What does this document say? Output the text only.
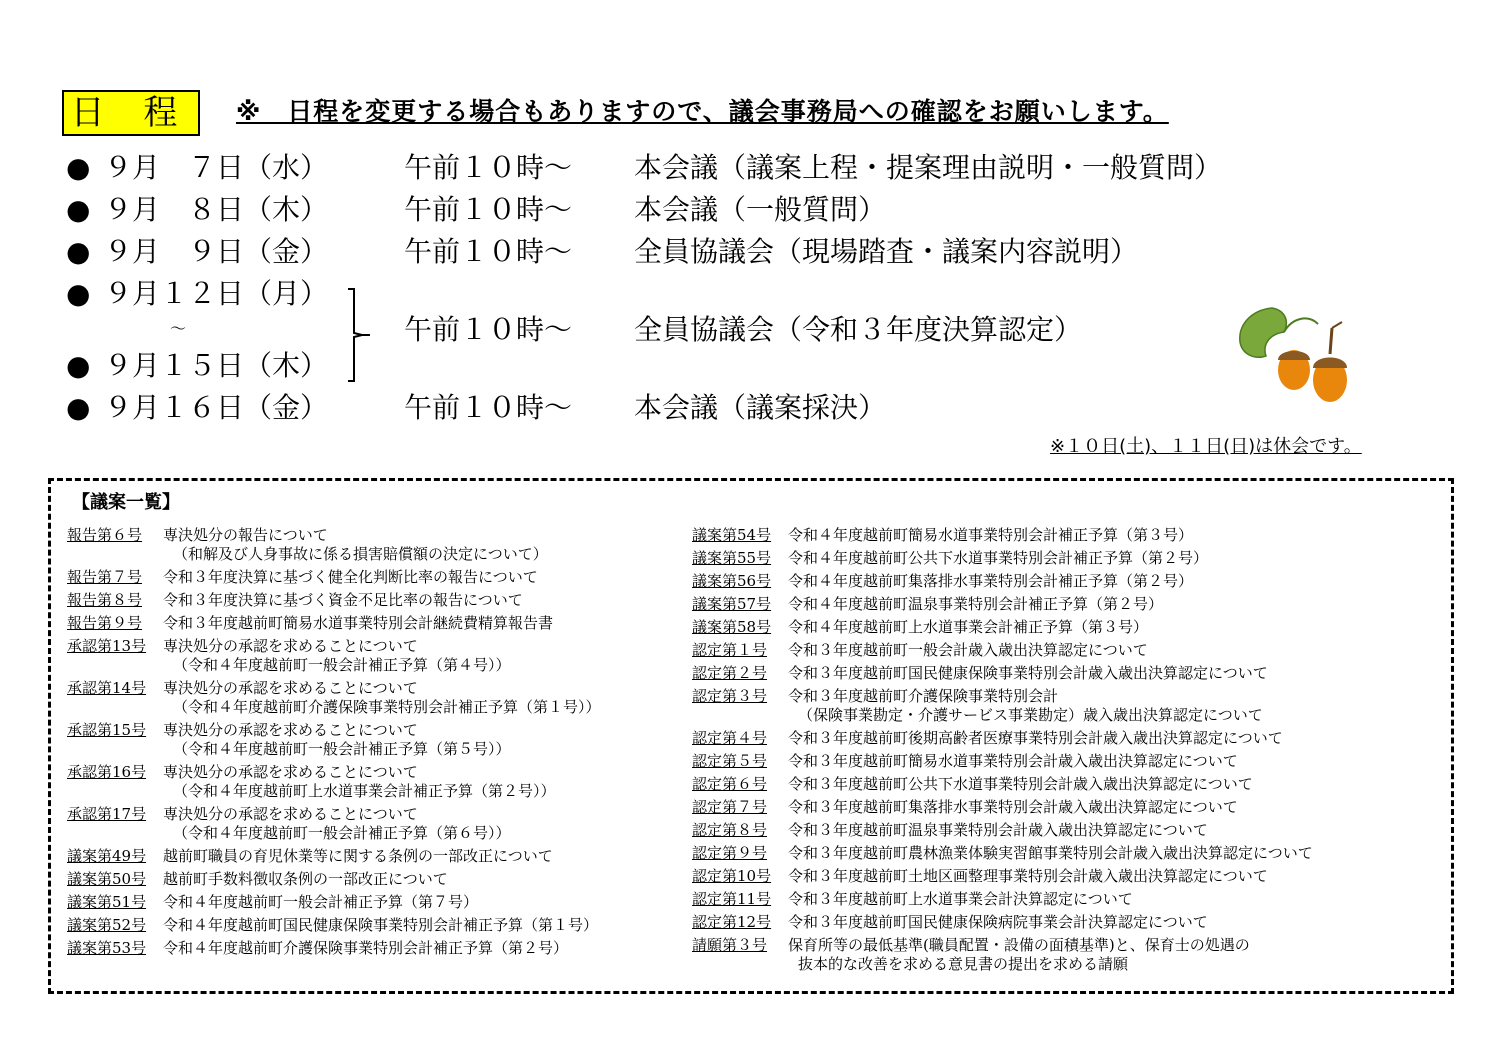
日 程	※　日程を変更する場合もありますので、議会事務局への確認をお願いします。
● ９月　７日（水）	午前１０時～ 本会議（議案上程・提案理由説明・一般質問）
● ９月　８日（木）	午前１０時～ 本会議（一般質問）
● ９月　９日（金）	午前１０時～ 全員協議会（現場踏査・議案内容説明）
● ９月１２日（月）
～
● ９月１５日（木）
午前１０時～ 全員協議会（令和３年度決算認定）
● ９月１６日（金）	午前１０時～ 本会議（議案採決）
※１０日(土)、１１日(日)は休会です。
【議案一覧】
報告第６号	専決処分の報告について
（和解及び人身事故に係る損害賠償額の決定について）
報告第７号	令和３年度決算に基づく健全化判断比率の報告について
報告第８号	令和３年度決算に基づく資金不足比率の報告について
報告第９号	令和３年度越前町簡易水道事業特別会計継続費精算報告書
承認第13号	専決処分の承認を求めることについて
（令和４年度越前町一般会計補正予算（第４号））
承認第14号	専決処分の承認を求めることについて
（令和４年度越前町介護保険事業特別会計補正予算（第１号））
承認第15号	専決処分の承認を求めることについて
（令和４年度越前町一般会計補正予算（第５号））
承認第16号	専決処分の承認を求めることについて
（令和４年度越前町上水道事業会計補正予算（第２号））
承認第17号	専決処分の承認を求めることについて
（令和４年度越前町一般会計補正予算（第６号））
議案第49号	越前町職員の育児休業等に関する条例の一部改正について
議案第50号	越前町手数料徴収条例の一部改正について
議案第51号	令和４年度越前町一般会計補正予算（第７号）
議案第52号	令和４年度越前町国民健康保険事業特別会計補正予算（第１号）
議案第53号	令和４年度越前町介護保険事業特別会計補正予算（第２号）
議案第54号	令和４年度越前町簡易水道事業特別会計補正予算（第３号）
議案第55号	令和４年度越前町公共下水道事業特別会計補正予算（第２号）
議案第56号	令和４年度越前町集落排水事業特別会計補正予算（第２号）
議案第57号	令和４年度越前町温泉事業特別会計補正予算（第２号）
議案第58号	令和４年度越前町上水道事業会計補正予算（第３号）
認定第１号	令和３年度越前町一般会計歳入歳出決算認定について
認定第２号	令和３年度越前町国民健康保険事業特別会計歳入歳出決算認定について
認定第３号	令和３年度越前町介護保険事業特別会計
（保険事業勘定・介護サービス事業勘定）歳入歳出決算認定について
認定第４号	令和３年度越前町後期高齢者医療事業特別会計歳入歳出決算認定について
認定第５号	令和３年度越前町簡易水道事業特別会計歳入歳出決算認定について
認定第６号	令和３年度越前町公共下水道事業特別会計歳入歳出決算認定について
認定第７号	令和３年度越前町集落排水事業特別会計歳入歳出決算認定について
認定第８号	令和３年度越前町温泉事業特別会計歳入歳出決算認定について
認定第９号	令和３年度越前町農林漁業体験実習館事業特別会計歳入歳出決算認定について
認定第10号	令和３年度越前町土地区画整理事業特別会計歳入歳出決算認定について
認定第11号	令和３年度越前町上水道事業会計決算認定について
認定第12号	令和３年度越前町国民健康保険病院事業会計決算認定について
請願第３号	保育所等の最低基準(職員配置・設備の面積基準)と、保育士の処遇の
抜本的な改善を求める意見書の提出を求める請願
